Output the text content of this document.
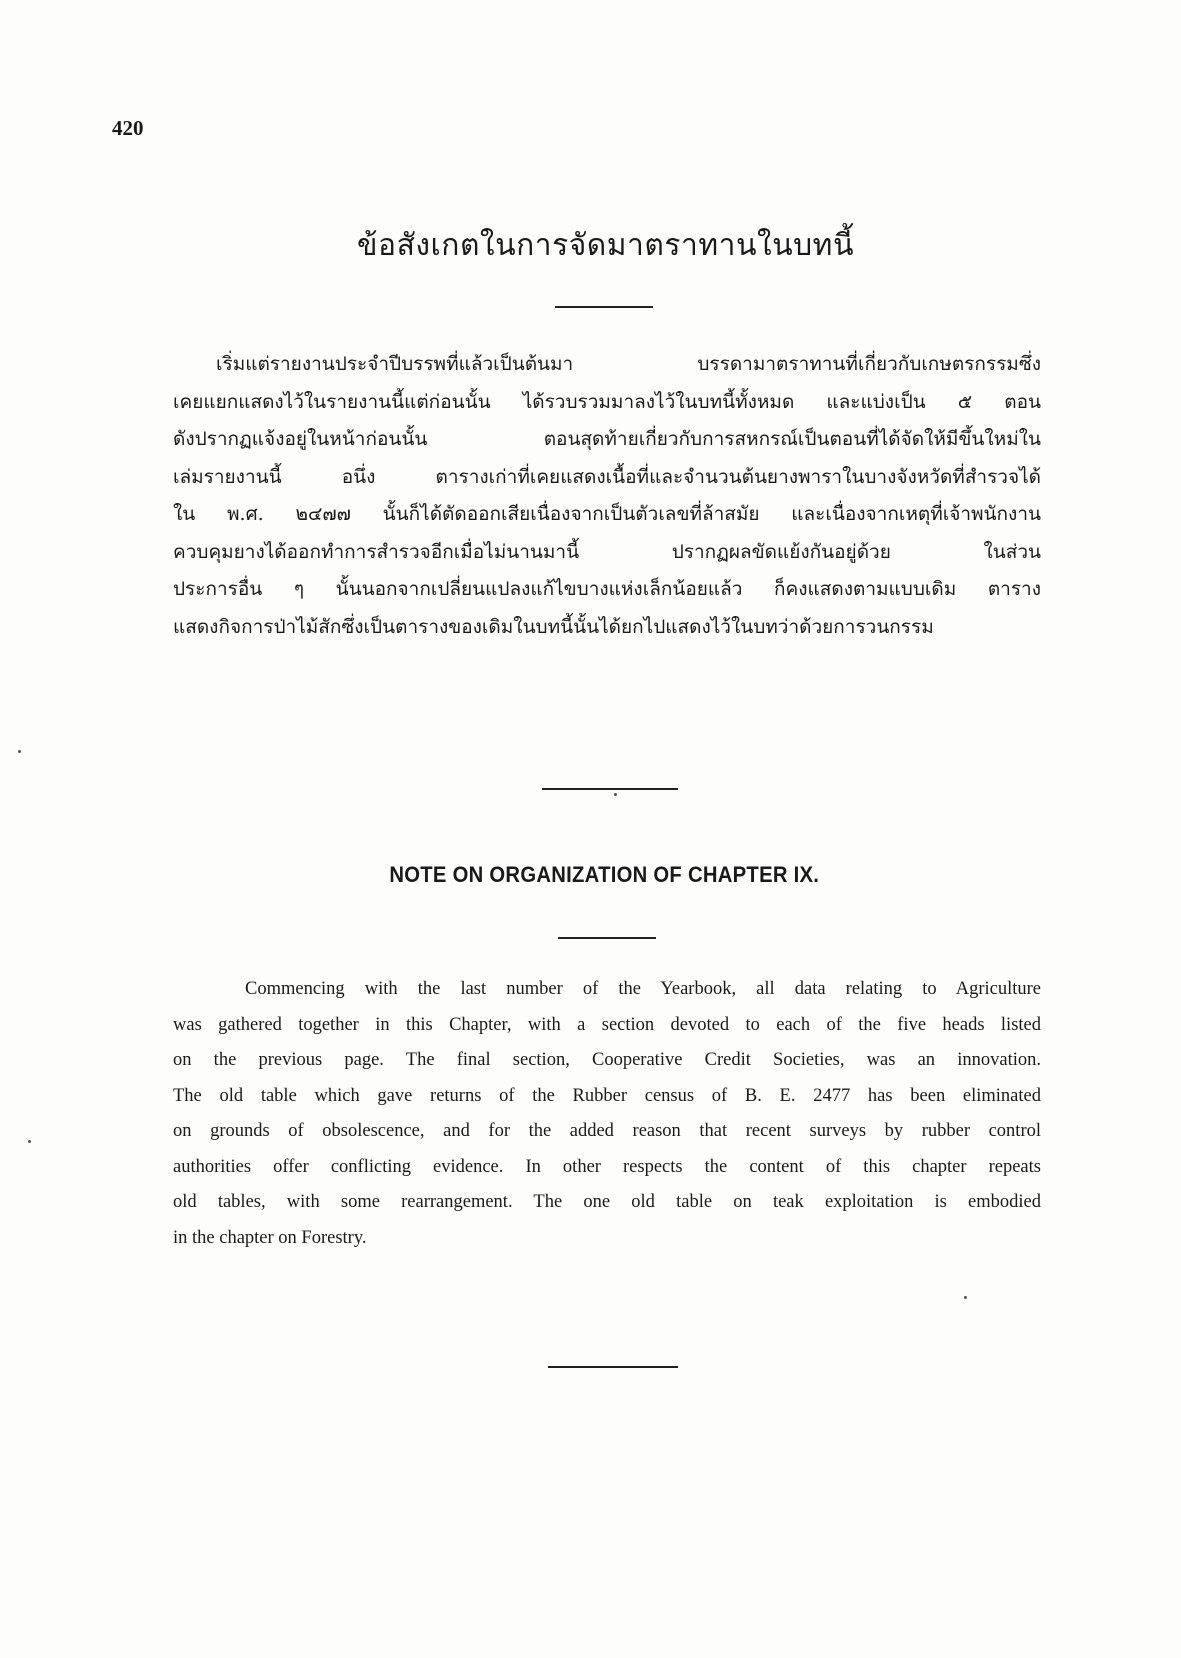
420
ข้อสังเกตในการจัดมาตราทานในบทนี้
เริ่มแต่รายงานประจำปีบรรพที่แล้วเป็นต้นมา บรรดามาตราทานที่เกี่ยวกับเกษตรกรรมซึ่ง
เคยแยกแสดงไว้ในรายงานนี้แต่ก่อนนั้น ได้รวบรวมมาลงไว้ในบทนี้ทั้งหมด และแบ่งเป็น ๕ ตอน
ดังปรากฏแจ้งอยู่ในหน้าก่อนนั้น ตอนสุดท้ายเกี่ยวกับการสหกรณ์เป็นตอนที่ได้จัดให้มีขึ้นใหม่ใน
เล่มรายงานนี้ อนึ่ง ตารางเก่าที่เคยแสดงเนื้อที่และจำนวนต้นยางพาราในบางจังหวัดที่สำรวจได้
ใน พ.ศ. ๒๔๗๗ นั้นก็ได้ตัดออกเสียเนื่องจากเป็นตัวเลขที่ล้าสมัย และเนื่องจากเหตุที่เจ้าพนักงาน
ควบคุมยางได้ออกทำการสำรวจอีกเมื่อไม่นานมานี้ ปรากฏผลขัดแย้งกันอยู่ด้วย ในส่วน
ประการอื่น ๆ นั้นนอกจากเปลี่ยนแปลงแก้ไขบางแห่งเล็กน้อยแล้ว ก็คงแสดงตามแบบเดิม ตาราง
แสดงกิจการป่าไม้สักซึ่งเป็นตารางของเดิมในบทนี้นั้นได้ยกไปแสดงไว้ในบทว่าด้วยการวนกรรม
NOTE ON ORGANIZATION OF CHAPTER IX.
Commencing with the last number of the Yearbook, all data relating to Agriculture
was gathered together in this Chapter, with a section devoted to each of the five heads listed
on the previous page. The final section, Cooperative Credit Societies, was an innovation.
The old table which gave returns of the Rubber census of B. E. 2477 has been eliminated
on grounds of obsolescence, and for the added reason that recent surveys by rubber control
authorities offer conflicting evidence. In other respects the content of this chapter repeats
old tables, with some rearrangement. The one old table on teak exploitation is embodied
in the chapter on Forestry.
